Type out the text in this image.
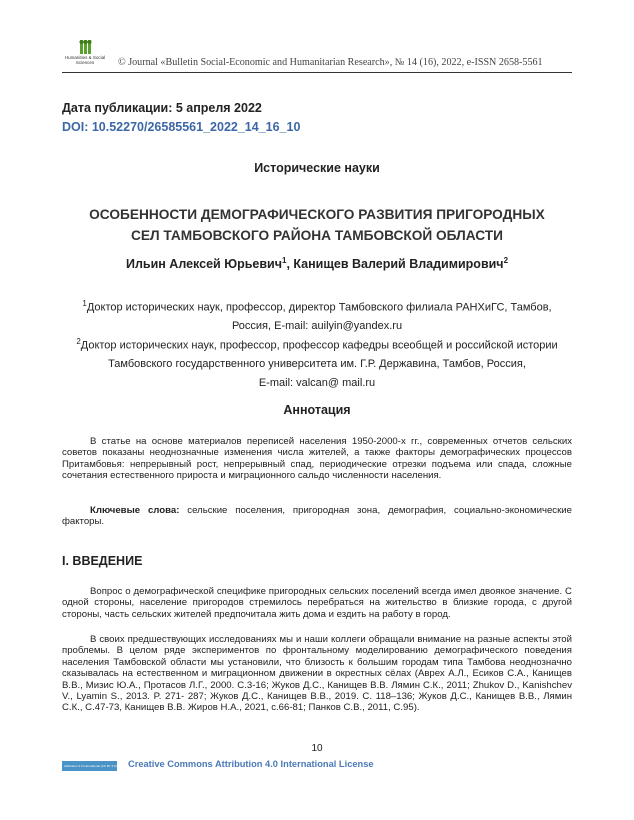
Humanities & Social Sciences	© Journal «Bulletin Social-Economic and Humanitarian Research», № 14 (16), 2022, e-ISSN 2658-5561
Дата публикации: 5 апреля 2022
DOI: 10.52270/26585561_2022_14_16_10
Исторические науки
ОСОБЕННОСТИ ДЕМОГРАФИЧЕСКОГО РАЗВИТИЯ ПРИГОРОДНЫХ
СЕЛ ТАМБОВСКОГО РАЙОНА ТАМБОВСКОЙ ОБЛАСТИ
Ильин Алексей Юрьевич$^1$, Канищев Валерий Владимирович$^2$
$^1$Доктор исторических наук, профессор, директор Тамбовского филиала РАНХиГС, Тамбов,
Россия, E-mail: auilyin@yandex.ru
$^2$Доктор исторических наук, профессор, профессор кафедры всеобщей и российской истории
Тамбовского государственного университета им. Г.Р. Державина, Тамбов, Россия,
E-mail: valcan@ mail.ru
Аннотация
В статье на основе материалов переписей населения 1950-2000-х гг., современных отчетов сельских советов показаны неоднозначные изменения числа жителей, а также факторы демографических процессов Притамбовья: непрерывный рост, непрерывный спад, периодические отрезки подъема или спада, сложные сочетания естественного прироста и миграционного сальдо численности населения.
Ключевые слова: сельские поселения, пригородная зона, демография, социально-экономические факторы.
I. ВВЕДЕНИЕ
Вопрос о демографической специфике пригородных сельских поселений всегда имел двоякое значение. С одной стороны, население пригородов стремилось перебраться на жительство в близкие города, с другой стороны, часть сельских жителей предпочитала жить дома и ездить на работу в город.
В своих предшествующих исследованиях мы и наши коллеги обращали внимание на разные аспекты этой проблемы. В целом ряде экспериментов по фронтальному моделированию демографического поведения населения Тамбовской области мы установили, что близость к большим городам типа Тамбова неоднозначно сказывалась на естественном и миграционном движении в окрестных сёлах (Аврех А.Л., Есиков С.А., Канищев В.В., Мизис Ю.А., Протасов Л.Г., 2000. С.3-16; Жуков Д.С., Канищев В.В. Лямин С.К., 2011; Zhukov D., Kanishchev V., Lyamin S., 2013. P. 271- 287; Жуков Д.С., Канищев В.В., 2019. С. 118–136; Жуков Д.С., Канищев В.В., Лямин С.К., С.47-73, Канищев В.В. Жиров Н.А., 2021, с.66-81; Панков С.В., 2011, С.95).
10
Attribution 4.0 International (CC BY 4.0) Creative Commons Attribution 4.0 International License
